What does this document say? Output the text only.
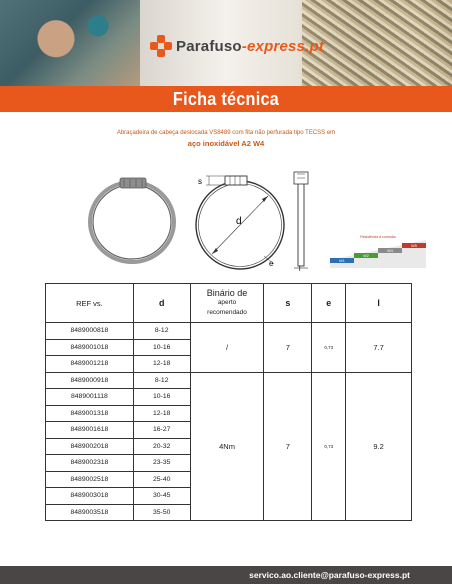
Parafuso-express.pt
Ficha técnica
Abraçadeira de cabeça deslocada VS8489 com fita não perfurada tipo TECSS em
aço inoxidável A2 W4
s
d
e
l
Resistência à corrosão
W1
W2
W4
W5
REF vs.	d	Binário de
aperto
recomendado	s	e	l
8489000818	8-12	/	7	0,73	7.7
8489001018	10-16				
8489001218	12-18				
8489000918	8-12	4Nm	7	0,73	9.2
8489001118	10-16				
8489001318	12-18				
8489001618	16-27				
8489002018	20-32				
8489002318	23-35				
8489002518	25-40				
8489003018	30-45				
8489003518	35-50				
servico.ao.cliente@parafuso-express.pt
